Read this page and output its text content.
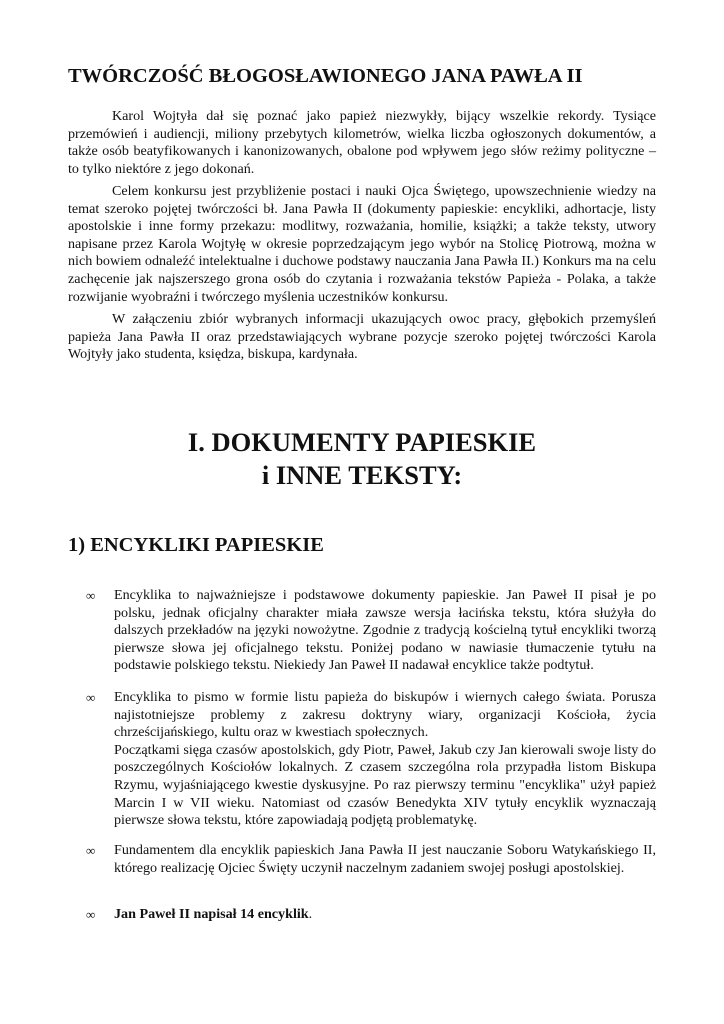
TWÓRCZOŚĆ BŁOGOSŁAWIONEGO JANA PAWŁA II

Karol Wojtyła dał się poznać jako papież niezwykły, bijący wszelkie rekordy. Tysiące przemówień i audiencji, miliony przebytych kilometrów, wielka liczba ogłoszonych dokumentów, a także osób beatyfikowanych i kanonizowanych, obalone pod wpływem jego słów reżimy polityczne – to tylko niektóre z jego dokonań.

Celem konkursu jest przybliżenie postaci i nauki Ojca Świętego, upowszechnienie wiedzy na temat szeroko pojętej twórczości bł. Jana Pawła II (dokumenty papieskie: encykliki, adhortacje, listy apostolskie i inne formy przekazu: modlitwy, rozważania, homilie, książki; a także teksty, utwory napisane przez Karola Wojtyłę w okresie poprzedzającym jego wybór na Stolicę Piotrową, można w nich bowiem odnaleźć intelektualne i duchowe podstawy nauczania Jana Pawła II.) Konkurs ma na celu zachęcenie jak najszerszego grona osób do czytania i rozważania tekstów Papieża - Polaka, a także rozwijanie wyobraźni i twórczego myślenia uczestników konkursu.

W załączeniu zbiór wybranych informacji ukazujących owoc pracy, głębokich przemyśleń papieża Jana Pawła II oraz przedstawiających wybrane pozycje szeroko pojętej twórczości Karola Wojtyły jako studenta, księdza, biskupa, kardynała.

I. DOKUMENTY PAPIESKIE
i INNE TEKSTY:
1) ENCYKLIKI PAPIESKIE
∞	Encyklika to najważniejsze i podstawowe dokumenty papieskie. Jan Paweł II pisał je po polsku, jednak oficjalny charakter miała zawsze wersja łacińska tekstu, która służyła do dalszych przekładów na języki nowożytne. Zgodnie z tradycją kościelną tytuł encykliki tworzą pierwsze słowa jej oficjalnego tekstu. Poniżej podano w nawiasie tłumaczenie tytułu na podstawie polskiego tekstu. Niekiedy Jan Paweł II nadawał encyklice także podtytuł.

∞	Encyklika to pismo w formie listu papieża do biskupów i wiernych całego świata. Porusza najistotniejsze problemy z zakresu doktryny wiary, organizacji Kościoła, życia chrześcijańskiego, kultu oraz w kwestiach społecznych.

Początkami sięga czasów apostolskich, gdy Piotr, Paweł, Jakub czy Jan kierowali swoje listy do poszczególnych Kościołów lokalnych. Z czasem szczególna rola przypadła listom Biskupa Rzymu, wyjaśniającego kwestie dyskusyjne. Po raz pierwszy terminu "encyklika" użył papież Marcin I w VII wieku. Natomiast od czasów Benedykta XIV tytuły encyklik wyznaczają pierwsze słowa tekstu, które zapowiadają podjętą problematykę.

∞	Fundamentem dla encyklik papieskich Jana Pawła II jest nauczanie Soboru Watykańskiego II, którego realizację Ojciec Święty uczynił naczelnym zadaniem swojej posługi apostolskiej.

∞	Jan Paweł II napisał 14 encyklik.
